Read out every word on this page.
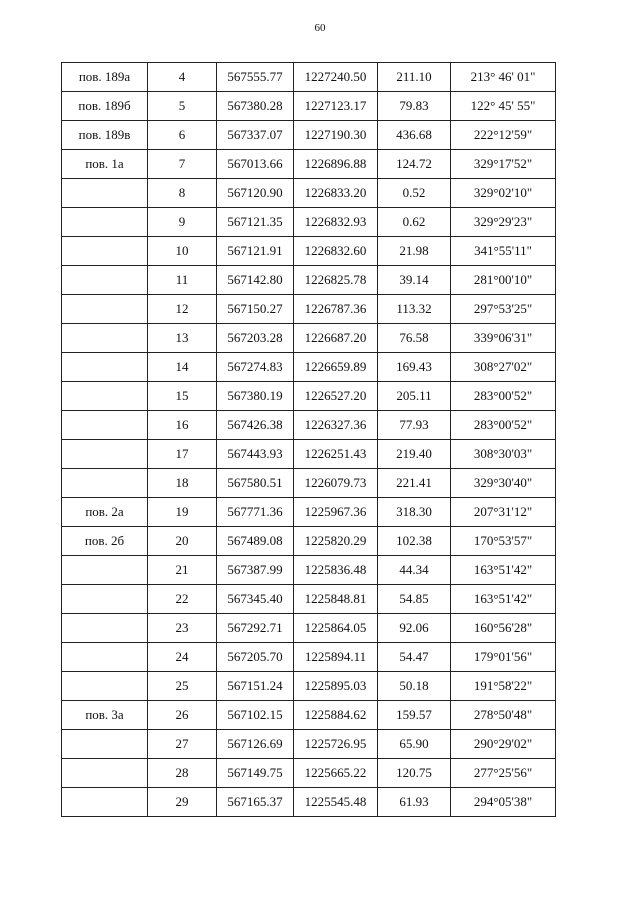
60
пов. 189а	4	567555.77	1227240.50	211.10	213° 46' 01"
пов. 189б	5	567380.28	1227123.17	79.83	122° 45' 55"
пов. 189в	6	567337.07	1227190.30	436.68	222°12'59"
пов. 1а	7	567013.66	1226896.88	124.72	329°17'52"
	8	567120.90	1226833.20	0.52	329°02'10"
	9	567121.35	1226832.93	0.62	329°29'23"
	10	567121.91	1226832.60	21.98	341°55'11"
	11	567142.80	1226825.78	39.14	281°00'10"
	12	567150.27	1226787.36	113.32	297°53'25"
	13	567203.28	1226687.20	76.58	339°06'31"
	14	567274.83	1226659.89	169.43	308°27'02"
	15	567380.19	1226527.20	205.11	283°00'52"
	16	567426.38	1226327.36	77.93	283°00'52"
	17	567443.93	1226251.43	219.40	308°30'03"
	18	567580.51	1226079.73	221.41	329°30'40"
пов. 2а	19	567771.36	1225967.36	318.30	207°31'12"
пов. 2б	20	567489.08	1225820.29	102.38	170°53'57"
	21	567387.99	1225836.48	44.34	163°51'42"
	22	567345.40	1225848.81	54.85	163°51'42"
	23	567292.71	1225864.05	92.06	160°56'28"
	24	567205.70	1225894.11	54.47	179°01'56"
	25	567151.24	1225895.03	50.18	191°58'22"
пов. 3а	26	567102.15	1225884.62	159.57	278°50'48"
	27	567126.69	1225726.95	65.90	290°29'02"
	28	567149.75	1225665.22	120.75	277°25'56"
	29	567165.37	1225545.48	61.93	294°05'38"
